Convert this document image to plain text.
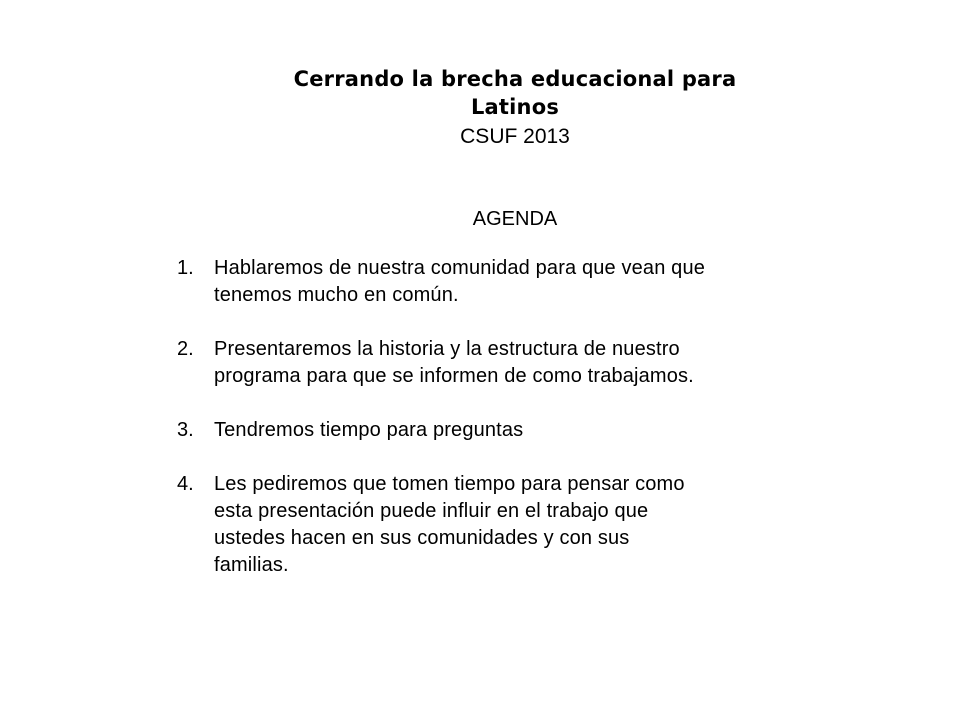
Cerrando la brecha educacional para
Latinos
CSUF 2013
AGENDA
1.	Hablaremos de nuestra comunidad para que vean que
tenemos mucho en común.
2.	Presentaremos la historia y la estructura de nuestro
programa para que se informen de como trabajamos.
3.	Tendremos tiempo para preguntas
4.	Les pediremos que tomen tiempo para pensar como
esta presentación puede influir en el trabajo que
ustedes hacen en sus comunidades y con sus
familias.
